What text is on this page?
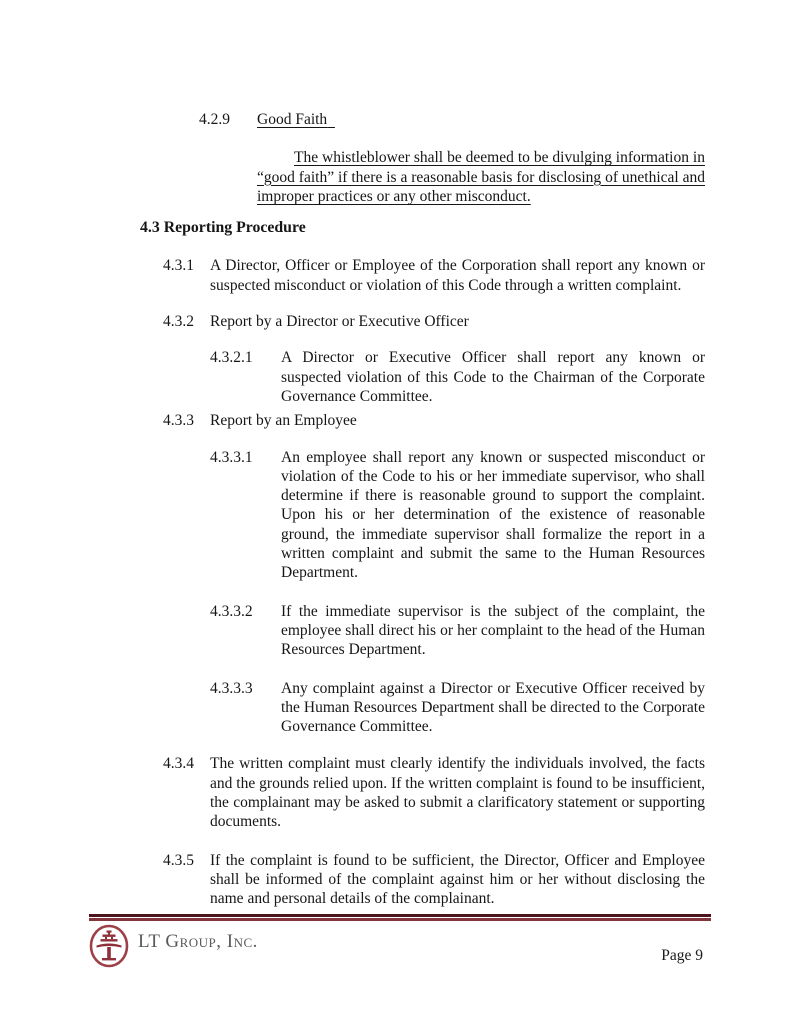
4.2.9	Good Faith

The whistleblower shall be deemed to be divulging information in “good faith” if there is a reasonable basis for disclosing of unethical and improper practices or any other misconduct.

4.3 Reporting Procedure
4.3.1	A Director, Officer or Employee of the Corporation shall report any known or suspected misconduct or violation of this Code through a written complaint.
4.3.2	Report by a Director or Executive Officer
4.3.2.1	A Director or Executive Officer shall report any known or suspected violation of this Code to the Chairman of the Corporate Governance Committee.
4.3.3	Report by an Employee
4.3.3.1	An employee shall report any known or suspected misconduct or violation of the Code to his or her immediate supervisor, who shall determine if there is reasonable ground to support the complaint. Upon his or her determination of the existence of reasonable ground, the immediate supervisor shall formalize the report in a written complaint and submit the same to the Human Resources Department.
4.3.3.2	If the immediate supervisor is the subject of the complaint, the employee shall direct his or her complaint to the head of the Human Resources Department.
4.3.3.3	Any complaint against a Director or Executive Officer received by the Human Resources Department shall be directed to the Corporate Governance Committee.
4.3.4	The written complaint must clearly identify the individuals involved, the facts and the grounds relied upon. If the written complaint is found to be insufficient, the complainant may be asked to submit a clarificatory statement or supporting documents.
4.3.5	If the complaint is found to be sufficient, the Director, Officer and Employee shall be informed of the complaint against him or her without disclosing the name and personal details of the complainant.
LT Group, Inc.
Page 9
